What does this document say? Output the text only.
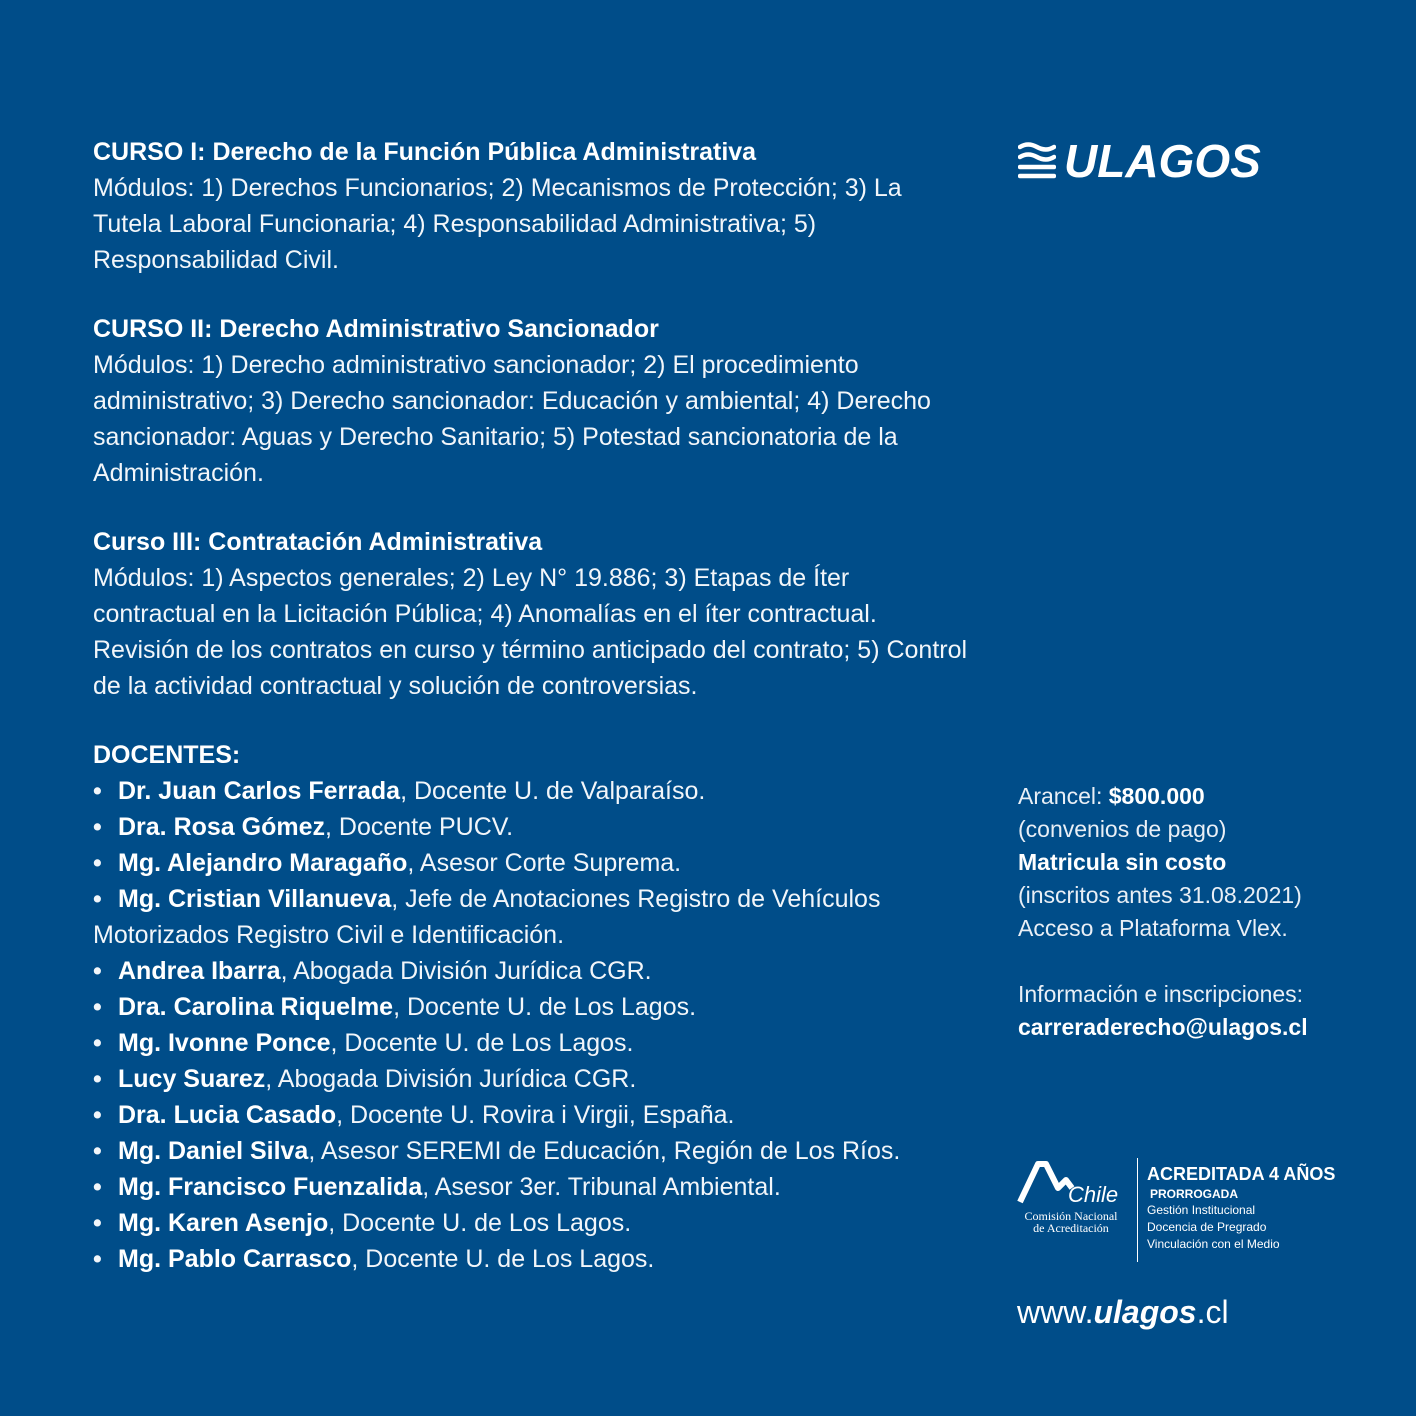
CURSO I: Derecho de la Función Pública Administrativa

Módulos: 1) Derechos Funcionarios; 2) Mecanismos de Protección; 3) La Tutela Laboral Funcionaria; 4) Responsabilidad Administrativa; 5) Responsabilidad Civil.

CURSO II: Derecho Administrativo Sancionador

Módulos: 1) Derecho administrativo sancionador; 2) El procedimiento administrativo; 3) Derecho sancionador: Educación y ambiental; 4) Derecho sancionador: Aguas y Derecho Sanitario; 5) Potestad sancionatoria de la Administración.

Curso III: Contratación Administrativa

Módulos: 1) Aspectos generales; 2) Ley N° 19.886; 3) Etapas de Íter contractual en la Licitación Pública; 4) Anomalías en el íter contractual. Revisión de los contratos en curso y término anticipado del contrato; 5) Control de la actividad contractual y solución de controversias.

DOCENTES:
• Dr. Juan Carlos Ferrada, Docente U. de Valparaíso.
• Dra. Rosa Gómez, Docente PUCV.
• Mg. Alejandro Maragaño, Asesor Corte Suprema.
• Mg. Cristian Villanueva, Jefe de Anotaciones Registro de Vehículos Motorizados Registro Civil e Identificación.
• Andrea Ibarra, Abogada División Jurídica CGR.
• Dra. Carolina Riquelme, Docente U. de Los Lagos.
• Mg. Ivonne Ponce, Docente U. de Los Lagos.
• Lucy Suarez, Abogada División Jurídica CGR.
• Dra. Lucia Casado, Docente U. Rovira i Virgii, España.
• Mg. Daniel Silva, Asesor SEREMI de Educación, Región de Los Ríos.
• Mg. Francisco Fuenzalida, Asesor 3er. Tribunal Ambiental.
• Mg. Karen Asenjo, Docente U. de Los Lagos.
• Mg. Pablo Carrasco, Docente U. de Los Lagos.
ULAGOS
Arancel: $800.000
(convenios de pago)
Matricula sin costo
(inscritos antes 31.08.2021)
Acceso a Plataforma Vlex.
Información e inscripciones:
carreraderecho@ulagos.cl
Chile
Comisión Nacional
de Acreditación
ACREDITADA 4 AÑOS
PRORROGADA
Gestión Institucional
Docencia de Pregrado
Vinculación con el Medio
www.ulagos.cl
